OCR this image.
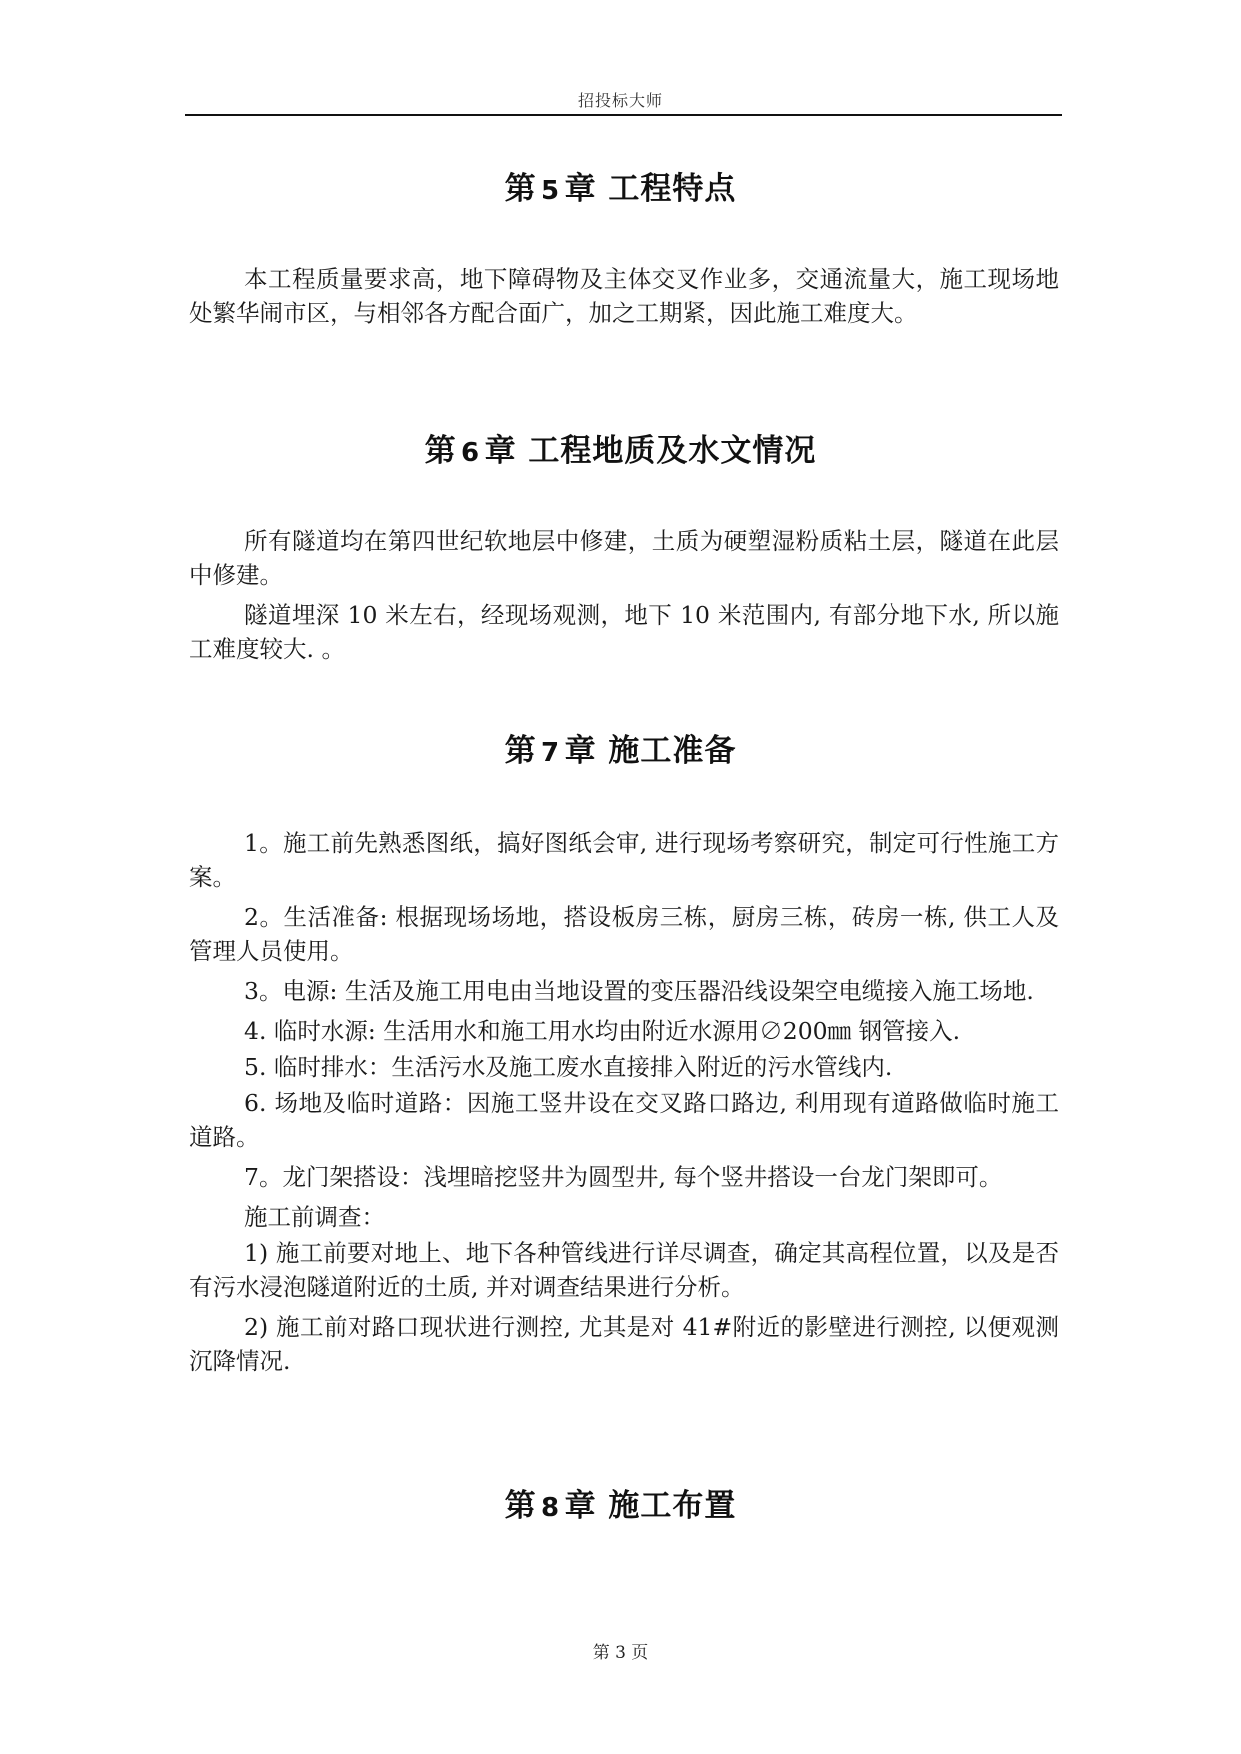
招投标大师
第 5 章 工程特点

本工程质量要求高，地下障碍物及主体交叉作业多，交通流量大，施工现场地处繁华闹市区，与相邻各方配合面广，加之工期紧，因此施工难度大。

第 6 章 工程地质及水文情况

所有隧道均在第四世纪软地层中修建，土质为硬塑湿粉质粘土层，隧道在此层中修建。

隧道埋深 10 米左右，经现场观测，地下 10 米范围内, 有部分地下水, 所以施工难度较大. 。

第 7 章 施工准备

1。施工前先熟悉图纸，搞好图纸会审, 进行现场考察研究，制定可行性施工方案。

2。生活准备: 根据现场场地，搭设板房三栋，厨房三栋，砖房一栋, 供工人及管理人员使用。

3。电源: 生活及施工用电由当地设置的变压器沿线设架空电缆接入施工场地.

4. 临时水源: 生活用水和施工用水均由附近水源用∅200㎜ 钢管接入.

5. 临时排水：生活污水及施工废水直接排入附近的污水管线内.

6. 场地及临时道路：因施工竖井设在交叉路口路边, 利用现有道路做临时施工道路。

7。龙门架搭设：浅埋暗挖竖井为圆型井, 每个竖井搭设一台龙门架即可。

施工前调查：

1) 施工前要对地上、地下各种管线进行详尽调查，确定其高程位置，以及是否有污水浸泡隧道附近的土质, 并对调查结果进行分析。

2) 施工前对路口现状进行测控, 尤其是对 41#附近的影壁进行测控, 以便观测沉降情况.

第 8 章 施工布置
第 3 页
